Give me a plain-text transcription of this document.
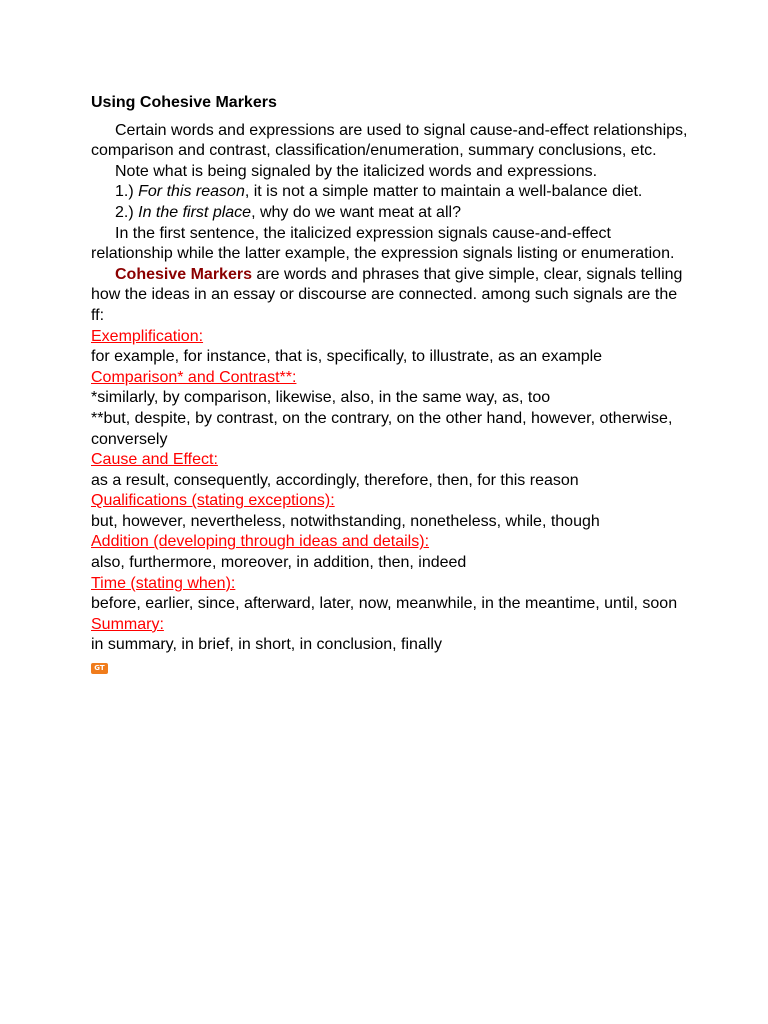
Using Cohesive Markers

Certain words and expressions are used to signal cause-and-effect relationships, comparison and contrast, classification/enumeration, summary conclusions, etc.

Note what is being signaled by the italicized words and expressions.

1.) For this reason, it is not a simple matter to maintain a well-balance diet.

2.) In the first place, why do we want meat at all?

In the first sentence, the italicized expression signals cause-and-effect relationship while the latter example, the expression signals listing or enumeration.

Cohesive Markers are words and phrases that give simple, clear, signals telling how the ideas in an essay or discourse are connected. among such signals are the ff:

Exemplification:
for example, for instance, that is, specifically, to illustrate, as an example
Comparison* and Contrast**:
*similarly, by comparison, likewise, also, in the same way, as, too
**but, despite, by contrast, on the contrary, on the other hand, however, otherwise, conversely
Cause and Effect:
as a result, consequently, accordingly, therefore, then, for this reason
Qualifications (stating exceptions):
but, however, nevertheless, notwithstanding, nonetheless, while, though
Addition (developing through ideas and details):
also, furthermore, moreover, in addition, then, indeed
Time (stating when):
before, earlier, since, afterward, later, now, meanwhile, in the meantime, until, soon
Summary:
in summary, in brief, in short, in conclusion, finally
GT
